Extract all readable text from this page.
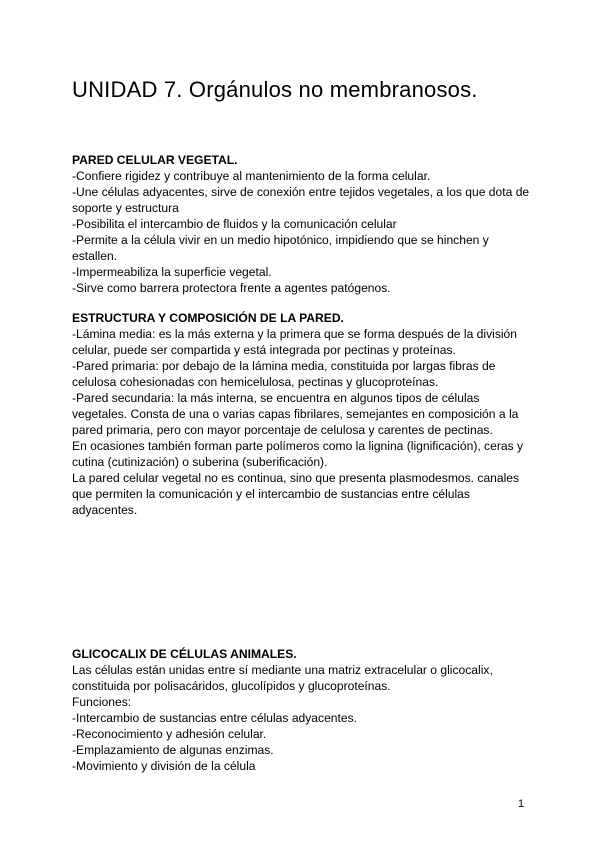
UNIDAD 7. Orgánulos no membranosos.
PARED CELULAR VEGETAL.

-Confiere rigidez y contribuye al mantenimiento de la forma celular.

-Une células adyacentes, sirve de conexión entre tejidos vegetales, a los que dota de soporte y estructura

-Posibilita el intercambio de fluidos y la comunicación celular

-Permite a la célula vivir en un medio hipotónico, impidiendo que se hinchen y estallen.

-Impermeabiliza la superficie vegetal.

-Sirve como barrera protectora frente a agentes patógenos.

ESTRUCTURA Y COMPOSICIÓN DE LA PARED.

-Lámina media: es la más externa y la primera que se forma después de la división celular, puede ser compartida y está integrada por pectinas y proteínas.

-Pared primaria: por debajo de la lámina media, constituida por largas fibras de celulosa cohesionadas con hemicelulosa, pectinas y glucoproteínas.

-Pared secundaria: la más interna, se encuentra en algunos tipos de células vegetales. Consta de una o varias capas fibrilares, semejantes en composición a la pared primaria, pero con mayor porcentaje de celulosa y carentes de pectinas.

En ocasiones también forman parte polímeros como la lignina (lignificación), ceras y cutina (cutinización) o suberina (suberificación).

La pared celular vegetal no es continua, sino que presenta plasmodesmos. canales que permiten la comunicación y el intercambio de sustancias entre células adyacentes.

GLICOCALIX DE CÉLULAS ANIMALES.

Las células están unidas entre sí mediante una matriz extracelular o glicocalix, constituida por polisacáridos, glucolípidos y glucoproteínas.

Funciones:

-Intercambio de sustancias entre células adyacentes.

-Reconocimiento y adhesión celular.

-Emplazamiento de algunas enzimas.

-Movimiento y división de la célula

1
